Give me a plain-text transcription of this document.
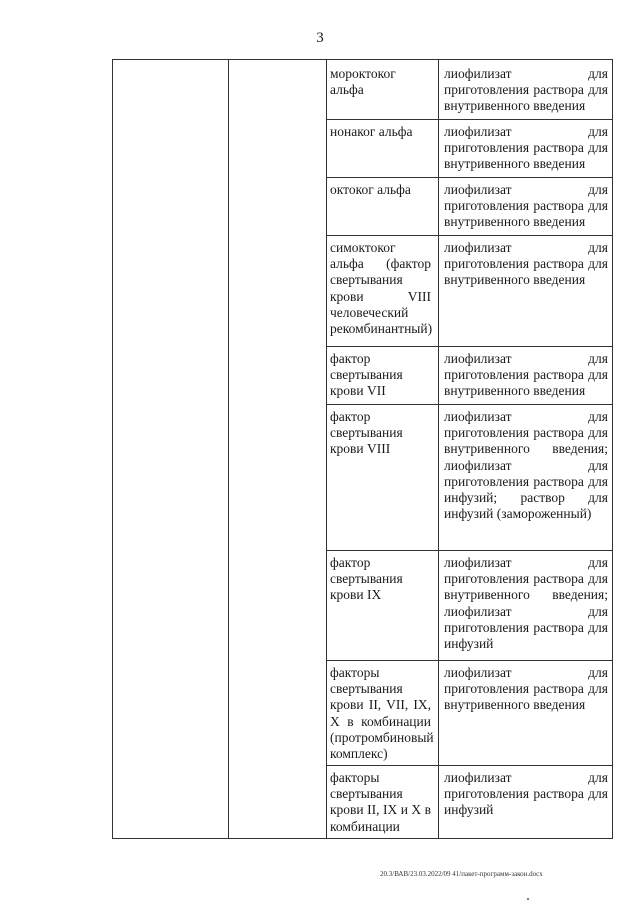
3
мороктоког альфа
лиофилизат для приготовления раствора для внутривенного введения
нонаког альфа	лиофилизат для приготовления раствора для внутривенного введения
октоког альфа	лиофилизат для приготовления раствора для внутривенного введения
симоктоког альфа (фактор свертывания крови VIII человеческий рекомбинантный)
лиофилизат для приготовления раствора для внутривенного введения
фактор свертывания крови VII
лиофилизат для приготовления раствора для внутривенного введения
фактор свертывания крови VIII
лиофилизат для приготовления раствора для внутривенного введения; лиофилизат для приготовления раствора для инфузий; раствор для инфузий (замороженный)
фактор свертывания крови IX
лиофилизат для приготовления раствора для внутривенного введения; лиофилизат для приготовления раствора для инфузий
факторы свертывания крови II, VII, IX, X в комбинации (протромбиновый комплекс)
лиофилизат для приготовления раствора для внутривенного введения
факторы свертывания крови II, IX и X в комбинации
лиофилизат для приготовления раствора для инфузий
20.3/ВАВ/23.03.2022/09 41/пакет-программ-закон.docx
